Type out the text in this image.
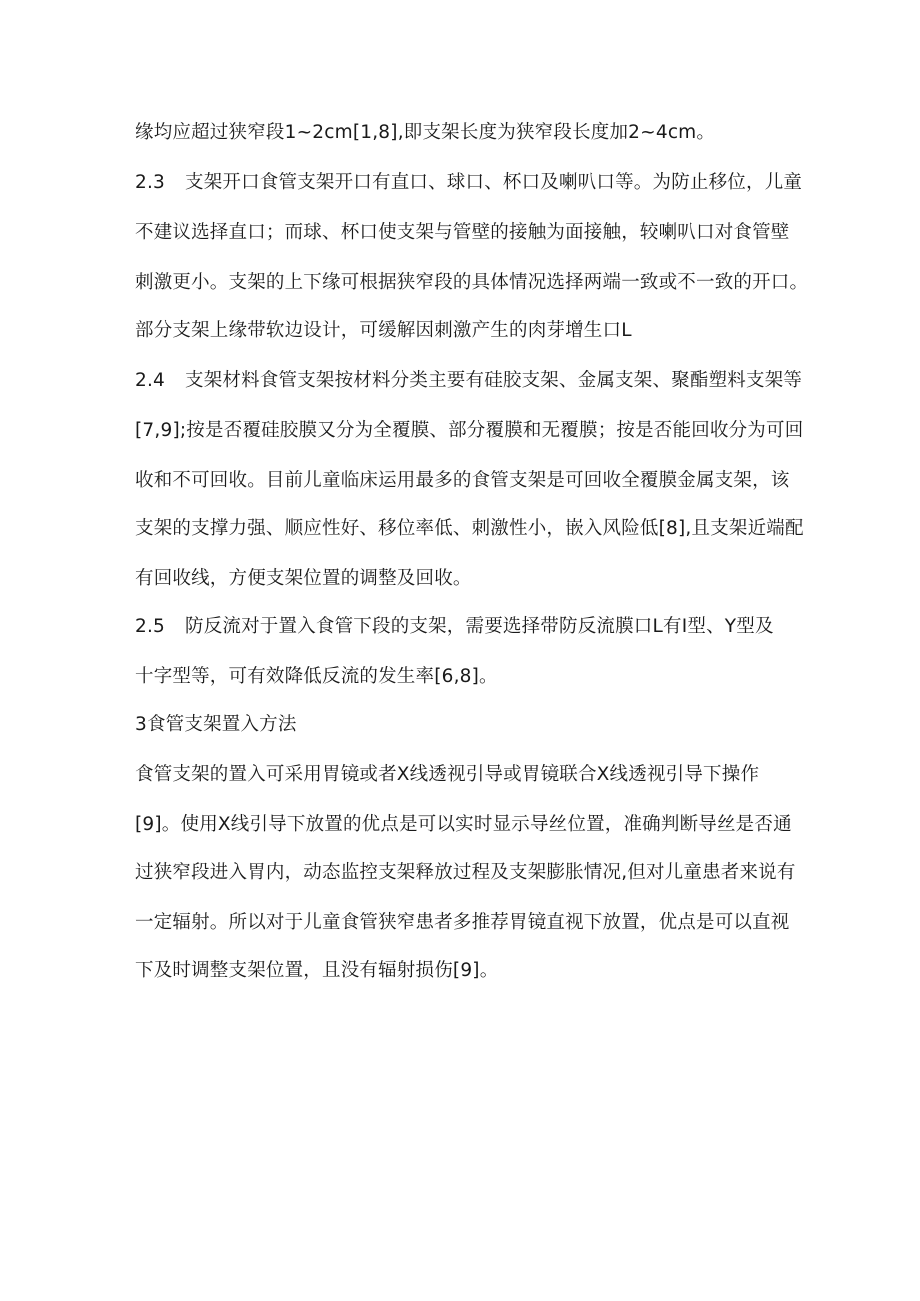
缘均应超过狭窄段1~2cm[1,8],即支架长度为狭窄段长度加2~4cm。

2.3 支架开口食管支架开口有直口、球口、杯口及喇叭口等。为防止移位，儿童

不建议选择直口；而球、杯口使支架与管壁的接触为面接触，较喇叭口对食管壁

刺激更小。支架的上下缘可根据狭窄段的具体情况选择两端一致或不一致的开口。

部分支架上缘带软边设计，可缓解因刺激产生的肉芽增生口L

2.4 支架材料食管支架按材料分类主要有硅胶支架、金属支架、聚酯塑料支架等

[7,9];按是否覆硅胶膜又分为全覆膜、部分覆膜和无覆膜；按是否能回收分为可回

收和不可回收。目前儿童临床运用最多的食管支架是可回收全覆膜金属支架，该

支架的支撑力强、顺应性好、移位率低、刺激性小，嵌入风险低[8],且支架近端配

有回收线，方便支架位置的调整及回收。

2.5 防反流对于置入食管下段的支架，需要选择带防反流膜口L有I型、Y型及

十字型等，可有效降低反流的发生率[6,8]。

3食管支架置入方法

食管支架的置入可采用胃镜或者X线透视引导或胃镜联合X线透视引导下操作

[9]。使用X线引导下放置的优点是可以实时显示导丝位置，准确判断导丝是否通

过狭窄段进入胃内，动态监控支架释放过程及支架膨胀情况,但对儿童患者来说有

一定辐射。所以对于儿童食管狭窄患者多推荐胃镜直视下放置，优点是可以直视

下及时调整支架位置，且没有辐射损伤[9]。
